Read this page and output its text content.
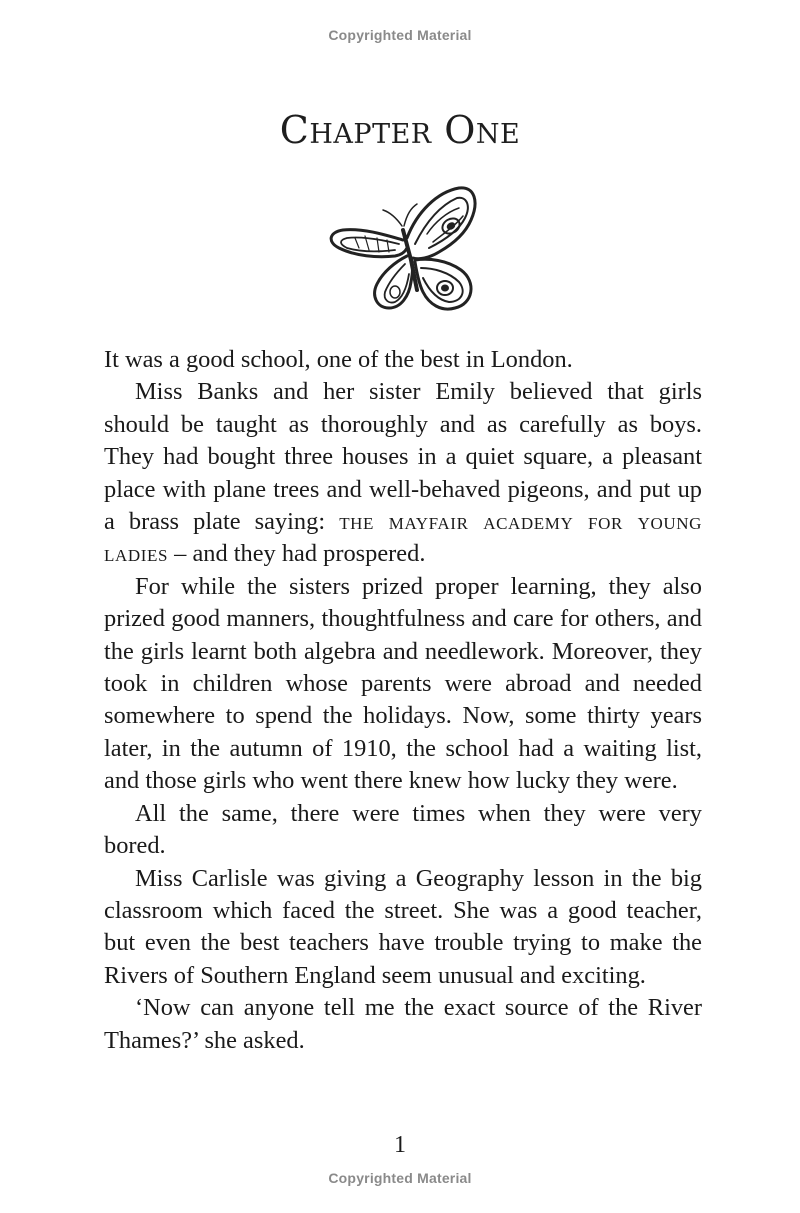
Copyrighted Material
Chapter One

It was a good school, one of the best in London.

Miss Banks and her sister Emily believed that girls should be taught as thoroughly and as carefully as boys. They had bought three houses in a quiet square, a pleasant place with plane trees and well-behaved pigeons, and put up a brass plate saying: the mayfair academy for young ladies – and they had prospered.

For while the sisters prized proper learning, they also prized good manners, thoughtfulness and care for others, and the girls learnt both algebra and needlework. Moreover, they took in children whose parents were abroad and needed somewhere to spend the holidays. Now, some thirty years later, in the autumn of 1910, the school had a waiting list, and those girls who went there knew how lucky they were.

All the same, there were times when they were very bored.

Miss Carlisle was giving a Geography lesson in the big classroom which faced the street. She was a good teacher, but even the best teachers have trouble trying to make the Rivers of Southern England seem unusual and exciting.

‘Now can anyone tell me the exact source of the River Thames?’ she asked.

1
Copyrighted Material
